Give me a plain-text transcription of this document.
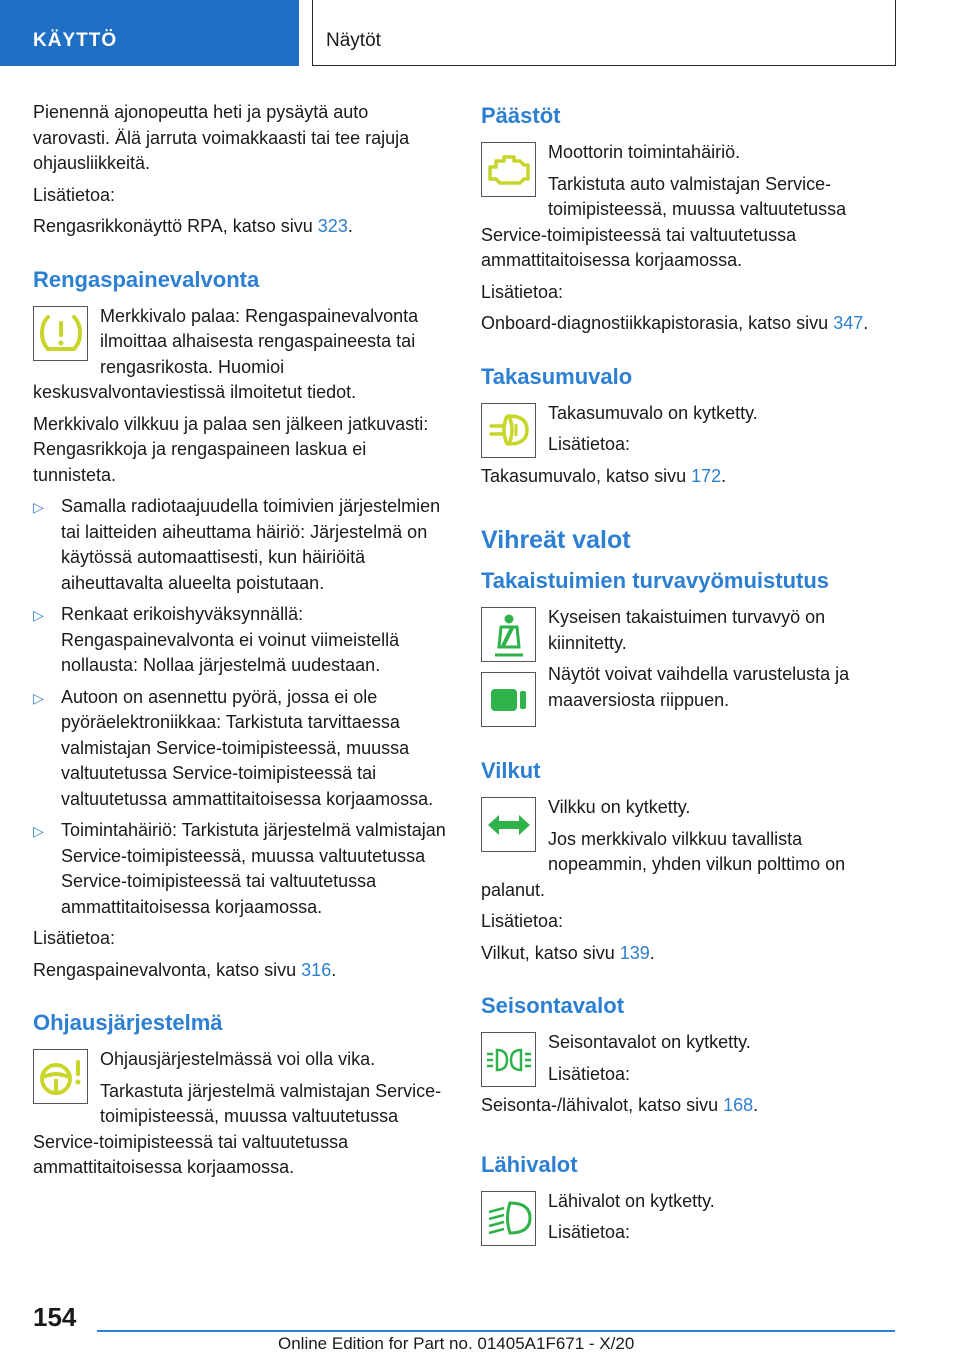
KÄYTTÖ	Näytöt

Pienennä ajonopeutta heti ja pysäytä auto varovasti. Älä jarruta voimakkaasti tai tee rajuja ohjausliikkeitä.

Lisätietoa:

Rengasrikkonäyttö RPA, katso sivu 323.

Rengaspainevalvonta

Merkkivalo palaa: Rengaspainevalvonta ilmoittaa alhaisesta rengaspaineesta tai rengasrikosta. Huomioi keskusvalvontaviestissä ilmoitetut tiedot.

Merkkivalo vilkkuu ja palaa sen jälkeen jatkuvasti: Rengasrikkoja ja rengaspaineen laskua ei tunnisteta.

▷ Samalla radiotaajuudella toimivien järjestelmien tai laitteiden aiheuttama häiriö: Järjestelmä on käytössä automaattisesti, kun häiriöitä aiheuttavalta alueelta poistutaan.
▷ Renkaat erikoishyväksynnällä: Rengaspainevalvonta ei voinut viimeistellä nollausta: Nollaa järjestelmä uudestaan.
▷ Autoon on asennettu pyörä, jossa ei ole pyöräelektroniikkaa: Tarkistuta tarvittaessa valmistajan Service-toimipisteessä, muussa valtuutetussa Service-toimipisteessä tai valtuutetussa ammattitaitoisessa korjaamossa.
▷ Toimintahäiriö: Tarkistuta järjestelmä valmistajan Service-toimipisteessä, muussa valtuutetussa Service-toimipisteessä tai valtuutetussa ammattitaitoisessa korjaamossa.

Lisätietoa:

Rengaspainevalvonta, katso sivu 316.

Ohjausjärjestelmä

Ohjausjärjestelmässä voi olla vika.

Tarkastuta järjestelmä valmistajan Service-toimipisteessä, muussa valtuutetussa Service-toimipisteessä tai valtuutetussa ammattitaitoisessa korjaamossa.

Päästöt

Moottorin toimintahäiriö.

Tarkistuta auto valmistajan Service-toimipisteessä, muussa valtuutetussa Service-toimipisteessä tai valtuutetussa ammattitaitoisessa korjaamossa.

Lisätietoa:

Onboard-diagnostiikkapistorasia, katso sivu 347.

Takasumuvalo

Takasumuvalo on kytketty.

Lisätietoa:

Takasumuvalo, katso sivu 172.

Vihreät valot
Takaistuimien turvavyömuistutus

Kyseisen takaistuimen turvavyö on kiinnitetty.

Näytöt voivat vaihdella varustelusta ja maaversiosta riippuen.

Vilkut

Vilkku on kytketty.

Jos merkkivalo vilkkuu tavallista nopeammin, yhden vilkun polttimo on palanut.

Lisätietoa:

Vilkut, katso sivu 139.

Seisontavalot

Seisontavalot on kytketty.

Lisätietoa:

Seisonta-/lähivalot, katso sivu 168.

Lähivalot

Lähivalot on kytketty.

Lisätietoa:

154
Online Edition for Part no. 01405A1F671 - X/20
